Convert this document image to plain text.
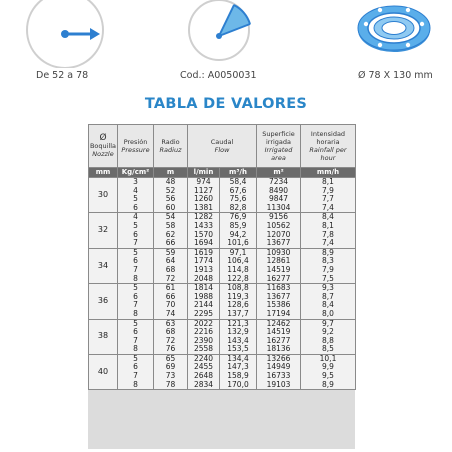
De 52 a 78	Cod.: A0050031	Ø 78 X 130 mm
TABLA DE VALORES
Ø
Boquilla
Nozzle	Presión
Pressure	Radio
Radiuz	Caudal
Flow		Superficie irrigada
Irrigated area	Intensidad horaria
Rainfall per hour

mm	Kg/cm²	m	l/min	m³/h	m²	mm/h
30	3	48	974	58,4	7234	8,1
	4	52	1127	67,6	8490	7,9
	5	56	1260	75,6	9847	7,7
	6	60	1381	82,8	11304	7,4
32	4	54	1282	76,9	9156	8,4
	5	58	1433	85,9	10562	8,1
	6	62	1570	94,2	12070	7,8
	7	66	1694	101,6	13677	7,4
34	5	59	1619	97,1	10930	8,9
	6	64	1774	106,4	12861	8,3
	7	68	1913	114,8	14519	7,9
	8	72	2048	122,8	16277	7,5
36	5	61	1814	108,8	11683	9,3
	6	66	1988	119,3	13677	8,7
	7	70	2144	128,6	15386	8,4
	8	74	2295	137,7	17194	8,0
38	5	63	2022	121,3	12462	9,7
	6	68	2216	132,9	14519	9,2
	7	72	2390	143,4	16277	8,8
	8	76	2558	153,5	18136	8,5
40	5	65	2240	134,4	13266	10,1
	6	69	2455	147,3	14949	9,9
	7	73	2648	158,9	16733	9,5
	8	78	2834	170,0	19103	8,9
